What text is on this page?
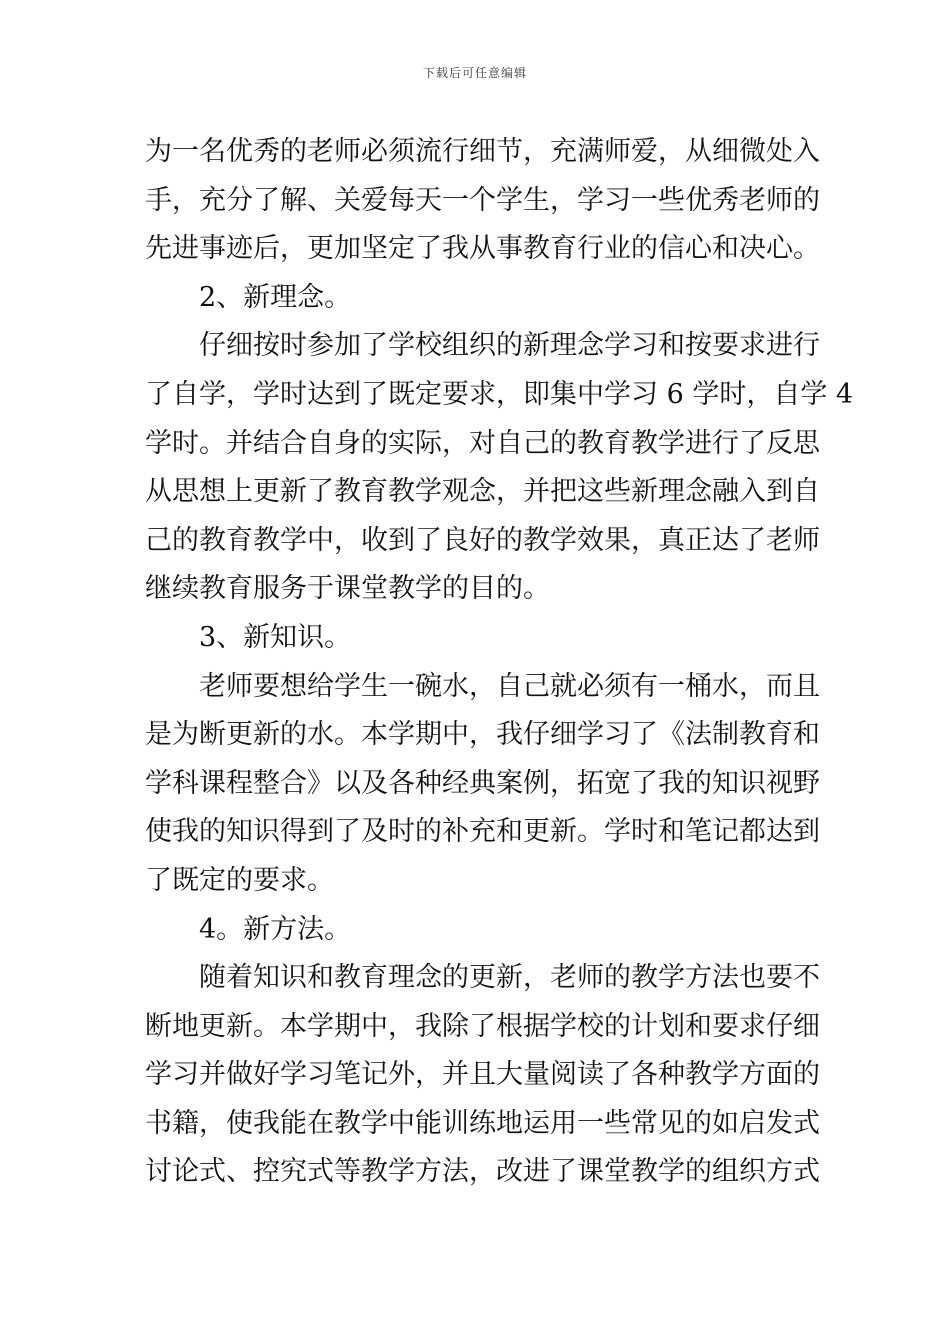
下载后可任意编辑
为一名优秀的老师必须流行细节，充满师爱，从细微处入
手，充分了解、关爱每天一个学生，学习一些优秀老师的
先进事迹后，更加坚定了我从事教育行业的信心和决心。
2、新理念。
仔细按时参加了学校组织的新理念学习和按要求进行
了自学，学时达到了既定要求，即集中学习 6 学时，自学 4
学时。并结合自身的实际，对自己的教育教学进行了反思
从思想上更新了教育教学观念，并把这些新理念融入到自
己的教育教学中，收到了良好的教学效果，真正达了老师
继续教育服务于课堂教学的目的。
3、新知识。
老师要想给学生一碗水，自己就必须有一桶水，而且
是为断更新的水。本学期中，我仔细学习了《法制教育和
学科课程整合》以及各种经典案例，拓宽了我的知识视野
使我的知识得到了及时的补充和更新。学时和笔记都达到
了既定的要求。
4。新方法。
随着知识和教育理念的更新，老师的教学方法也要不
断地更新。本学期中，我除了根据学校的计划和要求仔细
学习并做好学习笔记外，并且大量阅读了各种教学方面的
书籍，使我能在教学中能训练地运用一些常见的如启发式
讨论式、控究式等教学方法，改进了课堂教学的组织方式
